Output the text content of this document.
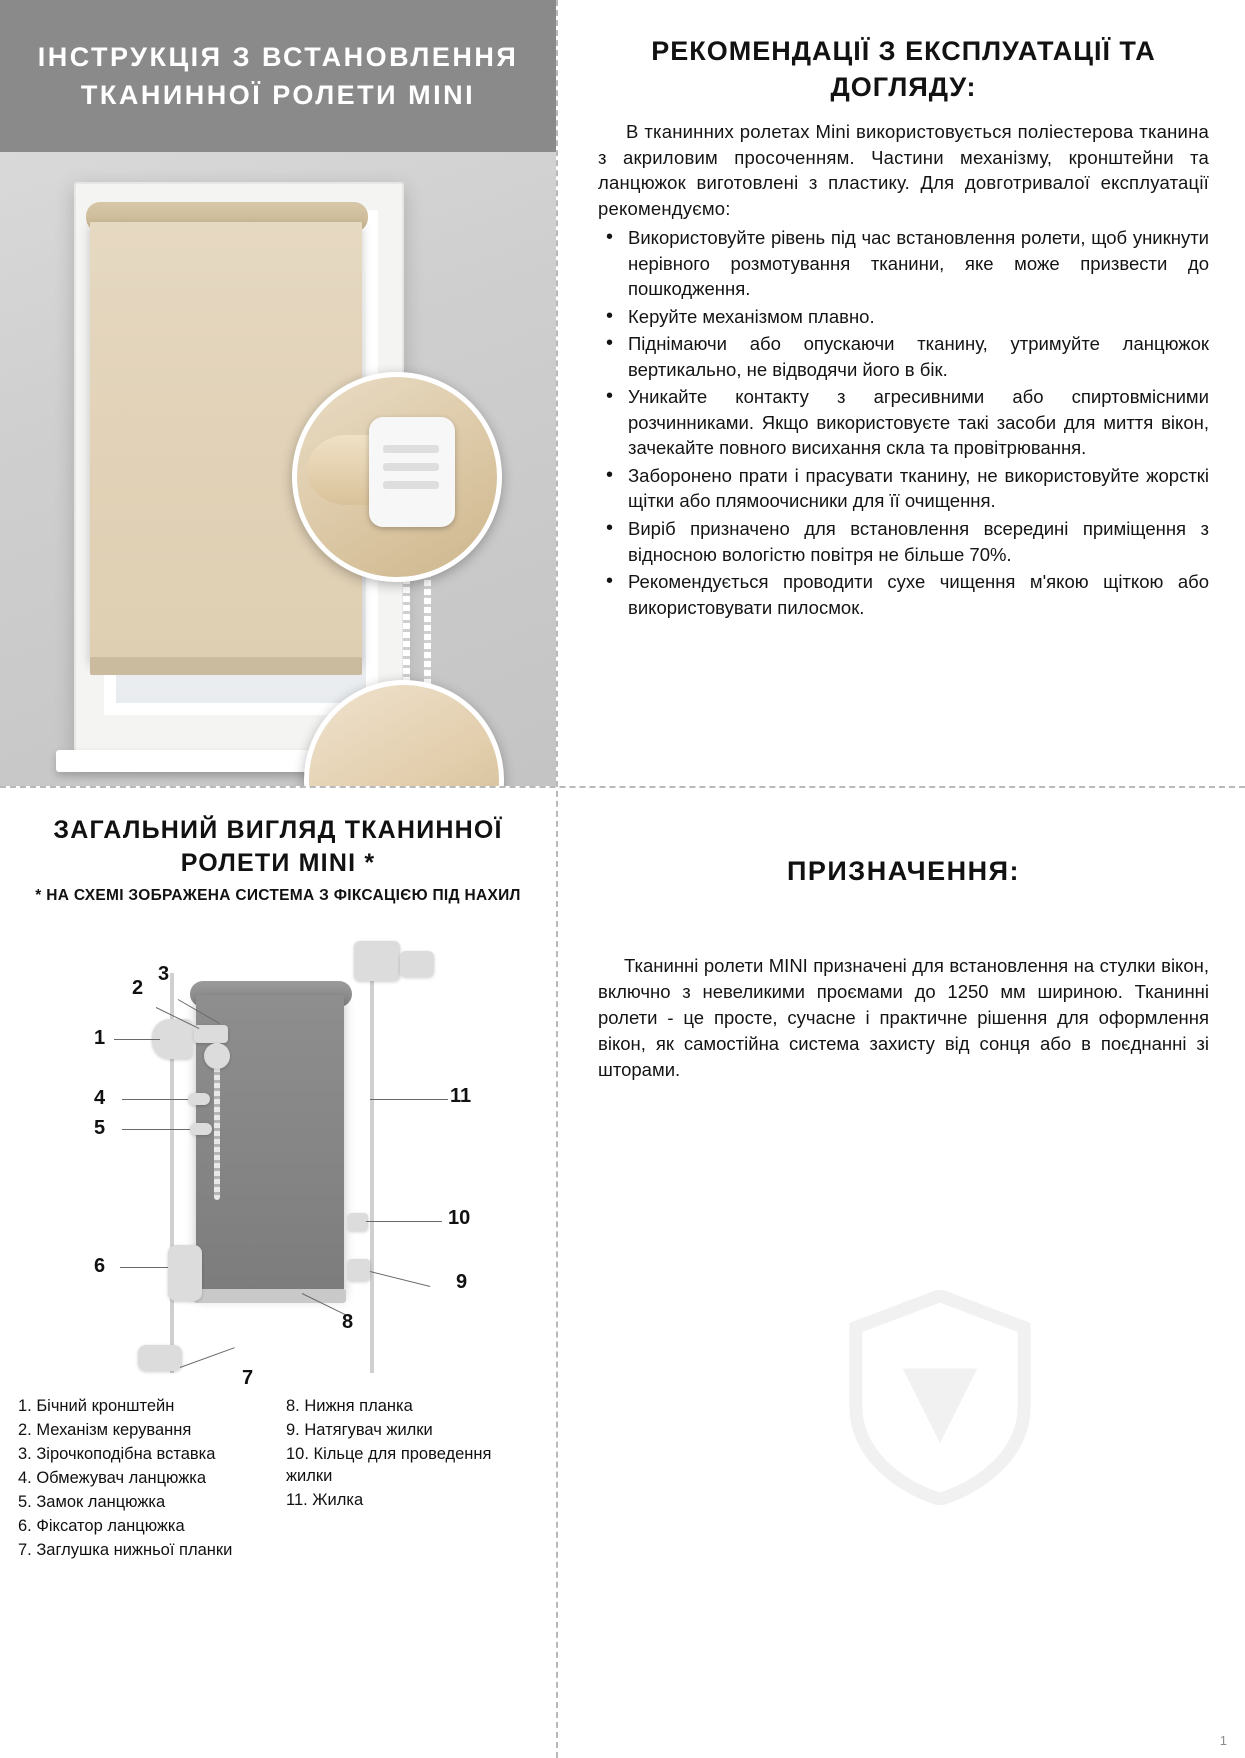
ІНСТРУКЦІЯ З ВСТАНОВЛЕННЯ ТКАНИННОЇ РОЛЕТИ MINI
РЕКОМЕНДАЦІЇ З ЕКСПЛУАТАЦІЇ ТА ДОГЛЯДУ:
В тканинних ролетах Mini використовується поліестерова тканина з акриловим просоченням. Частини механізму, кронштейни та ланцюжок виготовлені з пластику. Для довготривалої експлуатації рекомендуємо:
• Використовуйте рівень під час встановлення ролети, щоб уникнути нерівного розмотування тканини, яке може призвести до пошкодження.
• Керуйте механізмом плавно.
• Піднімаючи або опускаючи тканину, утримуйте ланцюжок вертикально, не відводячи його в бік.
• Уникайте контакту з агресивними або спиртовмісними розчинниками. Якщо використовуєте такі засоби для миття вікон, зачекайте повного висихання скла та провітрювання.
• Заборонено прати і прасувати тканину, не використовуйте жорсткі щітки або плямоочисники для її очищення.
• Виріб призначено для встановлення всередині приміщення з відносною вологістю повітря не більше 70%.
• Рекомендується проводити сухе чищення м'якою щіткою або використовувати пилосмок.
ЗАГАЛЬНИЙ ВИГЛЯД ТКАНИННОЇ РОЛЕТИ MINI *
* НА СХЕМІ ЗОБРАЖЕНА СИСТЕМА З ФІКСАЦІЄЮ ПІД НАХИЛ
1
2
3
4
5
6
7
8
9
10
11
1. Бічний кронштейн
2. Механізм керування
3. Зірочкоподібна вставка
4. Обмежувач ланцюжка
5. Замок ланцюжка
6. Фіксатор ланцюжка
7. Заглушка нижньої планки
8. Нижня планка
9. Натягувач жилки
10. Кільце для проведення жилки
11. Жилка
ПРИЗНАЧЕННЯ:
Тканинні ролети MINI призначені для встановлення на стулки вікон, включно з невеликими проємами до 1250 мм шириною. Тканинні ролети - це просте, сучасне і практичне рішення для оформлення вікон, як самостійна система захисту від сонця або в поєднанні зі шторами.
1
